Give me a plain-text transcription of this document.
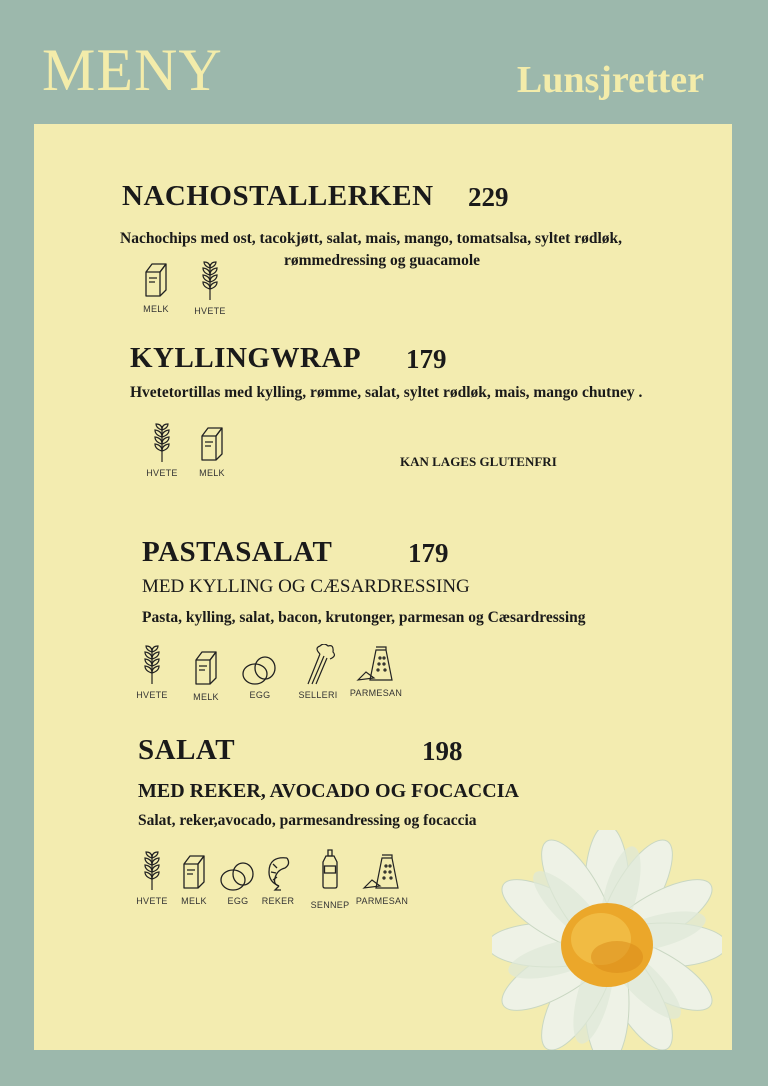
MENY	Lunsjretter
NACHOSTALLERKEN 229
Nachochips med ost, tacokjøtt, salat, mais, mango, tomatsalsa, syltet rødløk,
rømmedressing og guacamole
MELK	HVETE
KYLLINGWRAP 179
Hvetetortillas med kylling, rømme, salat, syltet rødløk, mais, mango chutney .
HVETE	MELK
KAN LAGES GLUTENFRI
PASTASALAT	179
MED KYLLING OG CÆSARDRESSING
Pasta, kylling, salat, bacon, krutonger, parmesan og Cæsardressing
HVETE	MELK	EGG	SELLERI	PARMESAN
SALAT	198
MED REKER, AVOCADO OG FOCACCIA
Salat, reker,avocado, parmesandressing og focaccia
HVETE	MELK	EGG	REKER	SENNEP PARMESAN
